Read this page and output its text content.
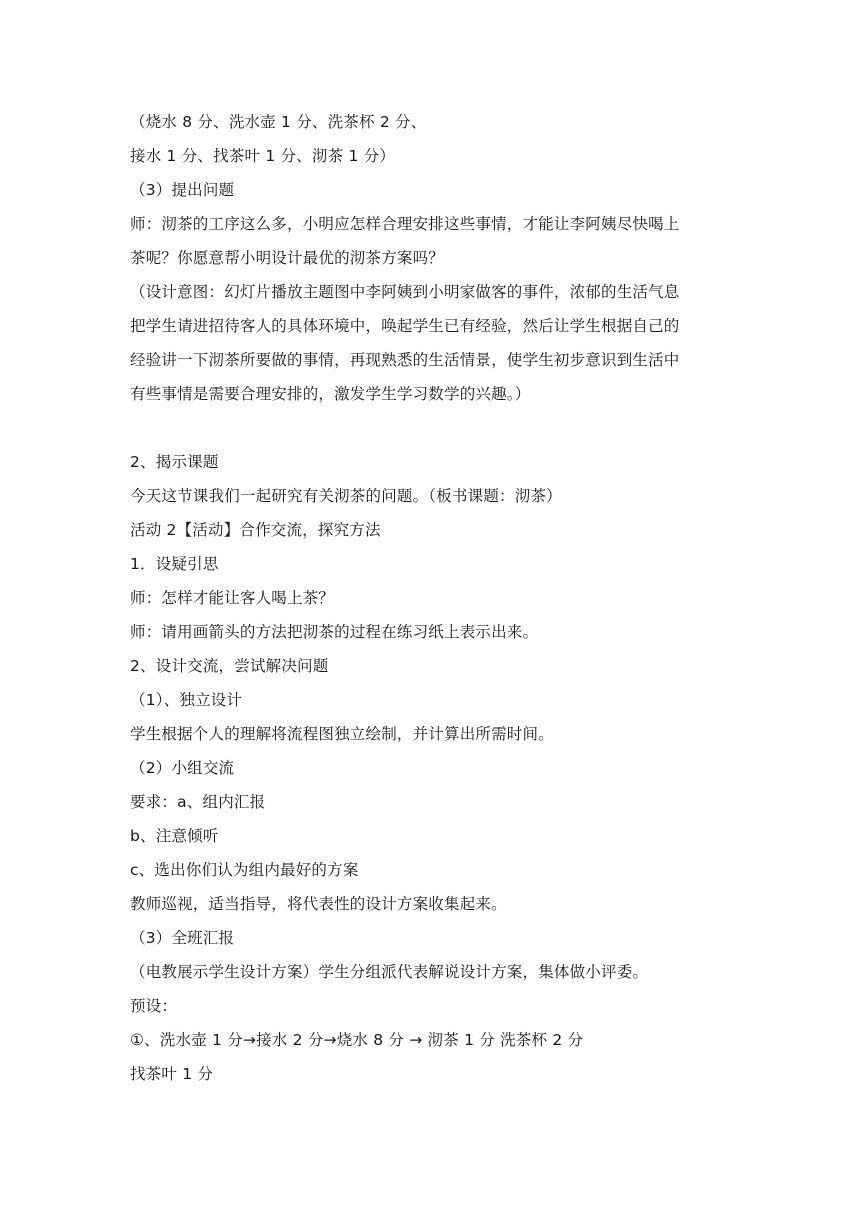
（烧水 8 分、洗水壶 1 分、洗茶杯 2 分、
接水 1 分、找茶叶 1 分、沏茶 1 分）
（3）提出问题
师：沏茶的工序这么多，小明应怎样合理安排这些事情，才能让李阿姨尽快喝上
茶呢？你愿意帮小明设计最优的沏茶方案吗？
（设计意图：幻灯片播放主题图中李阿姨到小明家做客的事件，浓郁的生活气息
把学生请进招待客人的具体环境中，唤起学生已有经验，然后让学生根据自己的
经验讲一下沏茶所要做的事情，再现熟悉的生活情景，使学生初步意识到生活中
有些事情是需要合理安排的，激发学生学习数学的兴趣。）
2、揭示课题
今天这节课我们一起研究有关沏茶的问题。（板书课题：沏茶）
活动 2【活动】合作交流，探究方法
1．设疑引思
师：怎样才能让客人喝上茶？
师：请用画箭头的方法把沏茶的过程在练习纸上表示出来。
2、设计交流，尝试解决问题
（1）、独立设计
学生根据个人的理解将流程图独立绘制，并计算出所需时间。
（2）小组交流
要求：a、组内汇报
b、注意倾听
c、选出你们认为组内最好的方案
教师巡视，适当指导，将代表性的设计方案收集起来。
（3）全班汇报
（电教展示学生设计方案）学生分组派代表解说设计方案，集体做小评委。
预设：
①、洗水壶 1 分→接水 2 分→烧水 8 分 → 沏茶 1 分 洗茶杯 2 分
找茶叶 1 分
